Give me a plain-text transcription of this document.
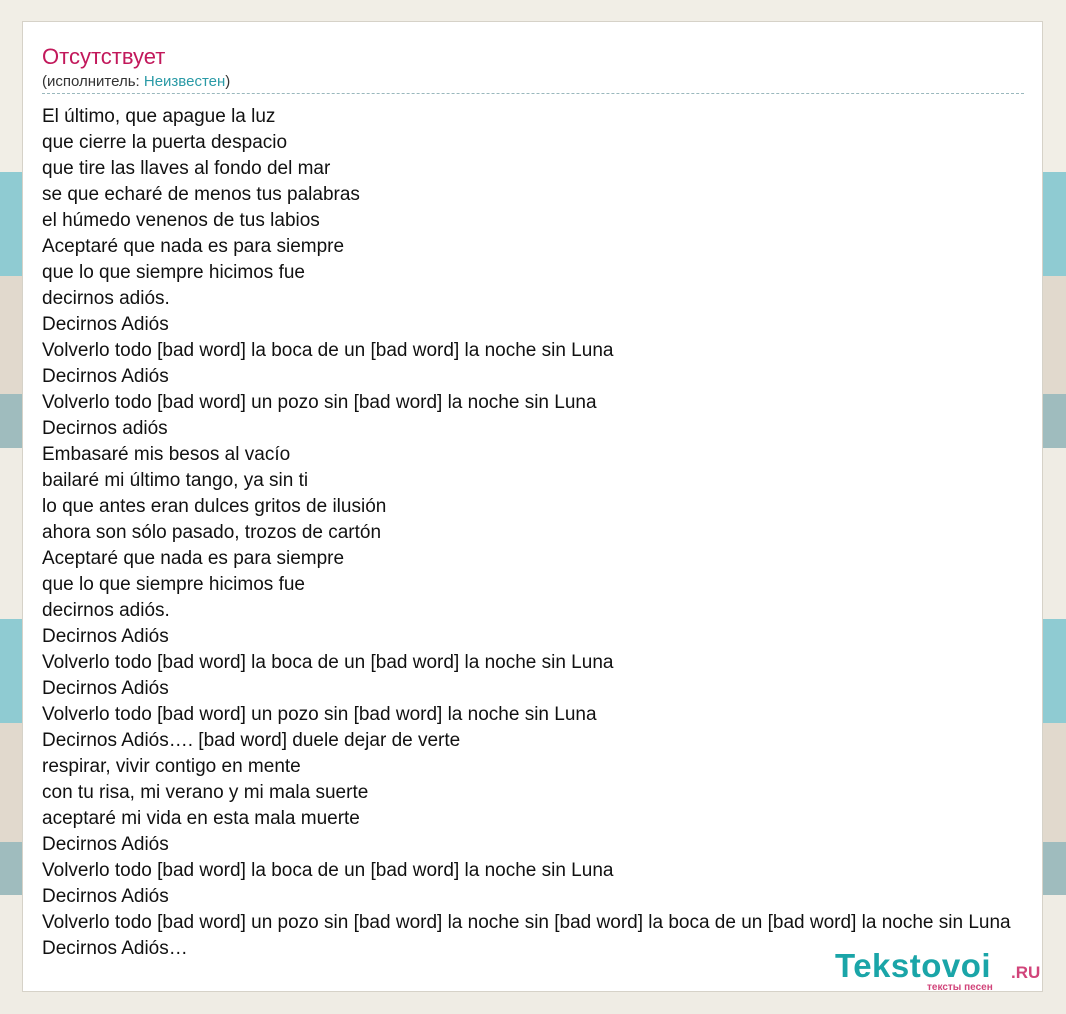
Отсутствует
(исполнитель: Неизвестен)
El último, que apague la luz
que cierre la puerta despacio
que tire las llaves al fondo del mar
se que echaré de menos tus palabras
el húmedo venenos de tus labios
Aceptaré que nada es para siempre
que lo que siempre hicimos fue
decirnos adiós.
Decirnos Adiós
Volverlo todo [bad word] la boca de un [bad word] la noche sin Luna
Decirnos Adiós
Volverlo todo [bad word] un pozo sin [bad word] la noche sin Luna
Decirnos adiós
Embasaré mis besos al vacío
bailaré mi último tango, ya sin ti
lo que antes eran dulces gritos de ilusión
ahora son sólo pasado, trozos de cartón
Aceptaré que nada es para siempre
que lo que siempre hicimos fue
decirnos adiós.
Decirnos Adiós
Volverlo todo [bad word] la boca de un [bad word] la noche sin Luna
Decirnos Adiós
Volverlo todo [bad word] un pozo sin [bad word] la noche sin Luna
Decirnos Adiós…. [bad word] duele dejar de verte
respirar, vivir contigo en mente
con tu risa, mi verano y mi mala suerte
aceptaré mi vida en esta mala muerte
Decirnos Adiós
Volverlo todo [bad word] la boca de un [bad word] la noche sin Luna
Decirnos Adiós
Volverlo todo [bad word] un pozo sin [bad word] la noche sin [bad word] la boca de un [bad word] la noche sin Luna
Decirnos Adiós…	Tekstovoi .RU
тексты песен
